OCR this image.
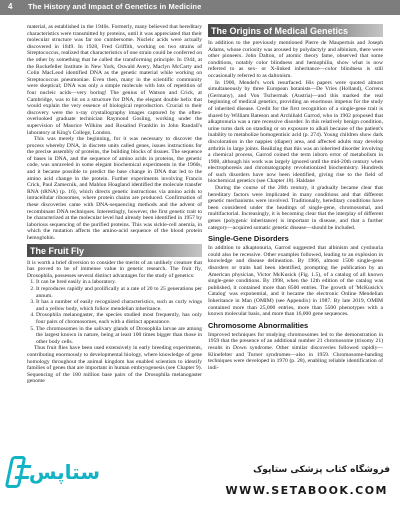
4 The History and Impact of Genetics in Medicine

material, as established in the 1940s. Formerly, many believed that hereditary characteristics were transmitted by proteins, until it was appreciated that their molecular structure was far too cumbersome. Nucleic acids were actually discovered in 1849. In 1928, Fred Griffith, working on two strains of Streptococcus, realized that characteristics of one strain could be conferred on the other by something that he called the transforming principle. In 1944, at the Rockefeller Institute in New York, Oswald Avery, Maclyn McCarty and Colin MacLeod identified DNA as the genetic material while working on Streptococcus pneumoniae. Even then, many in the scientific community were skeptical; DNA was only a simple molecule with lots of repetition of four nucleic acids—very boring! The genius of Watson and Crick, at Cambridge, was to hit on a structure for DNA, the elegant double helix that would explain the very essence of biological reproduction. Crucial to their discovery were the x-ray crystallography images captured by the often-overlooked graduate technician Raymond Gosling, working under the supervision of Maurice Wilkins and Rosalind Franklin in John Randall's laboratory at King's College, London.

This was merely the beginning, for it was necessary to discover the process whereby DNA, in discrete units called genes, issues instructions for the precise assembly of proteins, the building blocks of tissues. The sequence of bases in DNA, and the sequence of amino acids in proteins, the genetic code, was unraveled in some elegant biochemical experiments in the 1960s, and it became possible to predict the base change in DNA that led to the amino acid change in the protein. Further experiments involving Francis Crick, Paul Zamecnik, and Mahlon Hoagland identified the molecule transfer RNA (tRNA) (p. 16), which directs genetic instructions via amino acids to intracellular ribosomes, where protein chains are produced. Confirmation of these discoveries came with DNA-sequencing methods and the advent of recombinant DNA techniques. Interestingly, however, the first genetic trait to be characterized at the molecular level had already been identified in 1957 by laborious sequencing of the purified proteins. This was sickle-cell anemia, in which the mutation affects the amino-acid sequence of the blood protein hemoglobin.

The Fruit Fly

It is worth a brief diversion to consider the merits of an unlikely creature that has proved to be of immense value in genetic research. The fruit fly, Drosophila, possesses several distinct advantages for the study of genetics:

1. It can be bred easily in a laboratory.
2. It reproduces rapidly and prolifically at a rate of 20 to 25 generations per annum.
3. It has a number of easily recognized characteristics, such as curly wings and a yellow body, which follow mendelian inheritance.
4. Drosophila melanogaster, the species studied most frequently, has only four pairs of chromosomes, each with a distinct appearance.
5. The chromosomes in the salivary glands of Drosophila larvae are among the largest known in nature, being at least 100 times bigger than those in other body cells.

Thus fruit flies have been used extensively in early breeding experiments, contributing enormously to developmental biology, where knowledge of gene homology throughout the animal kingdom has enabled scientists to identify families of genes that are important in human embryogenesis (see Chapter 9). Sequencing of the 180 million base pairs of the Drosophila melanogaster genome

The Origins of Medical Genetics

In addition to the previously mentioned Pierre de Maupertuis and Joseph Adams, whose curiosity was aroused by polydactyly and albinism, there were other pioneers. John Dalton, of atomic theory fame, observed that some conditions, notably color blindness and hemophilia, show what is now referred to as sex- or X-linked inheritance—color blindness is still occasionally referred to as daltonism.

In 1900, Mendel's work resurfaced. His papers were quoted almost simultaneously by three European botanists—De Vries (Holland), Correns (Germany), and Von Tschermak (Austria)—and this marked the real beginning of medical genetics, providing an enormous impetus for the study of inherited disease. Credit for the first recognition of a single-gene trait is shared by William Bateson and Archibald Garrod, who in 1902 proposed that alkaptonuria was a rare recessive disorder. In this relatively benign condition, urine turns dark on standing or on exposure to alkali because of the patient's inability to metabolize homogentisic acid (p. 274). Young children show dark discoloration in the nappies (diaper) area, and affected adults may develop arthritis in large joints. Realizing that this was an inherited disorder involving a chemical process, Garrod coined the term inborn error of metabolism in 1908, although his work was largely ignored until the mid-20th century when electrophoresis and chromatography revolutionized biochemistry. Hundreds of such disorders have now been identified, giving rise to the field of biochemical genetics (see Chapter 18). Haldane

During the course of the 20th century, it gradually became clear that hereditary factors were implicated in many conditions and that different genetic mechanisms were involved. Traditionally, hereditary conditions have been considered under the headings of single-gene, chromosomal, and multifactorial. Increasingly, it is becoming clear that the interplay of different genes (polygenic inheritance) is important in disease, and that a further category—acquired somatic genetic disease—should be included.

Single-Gene Disorders

In addition to alkaptonuria, Garrod suggested that albinism and cystinuria could also be recessive. Other examples followed, leading to an explosion in knowledge and disease delineation. By 1966, almost 1500 single-gene disorders or traits had been identified, prompting the publication by an American physician, Victor McKusick (Fig. 1.5), of a catalog of all known single-gene conditions. By 1998, when the 12th edition of the catalog was published, it contained more than 8500 entries. The growth of 'McKusick's Catalog' was exponential, and it became the electronic Online Mendelian Inheritance in Man (OMIM) (see Appendix) in 1987. By late 2019, OMIM contained more than 25,000 entries, more than 5500 phenotypes with a known molecular basis, and more than 16,000 gene sequences.

Chromosome Abnormalities

Improved techniques for studying chromosomes led to the demonstration in 1959 that the presence of an additional number 21 chromosome (trisomy 21) results in Down syndrome. Other similar discoveries followed rapidly—Klinefelter and Turner syndromes—also in 1959. Chromosome-banding techniques were developed in 1970 (p. 28), enabling reliable identification of indi-

ستاپس	فروشگاه کتاب پزشکی ستاپوک
WWW.SETABOOK.COM
